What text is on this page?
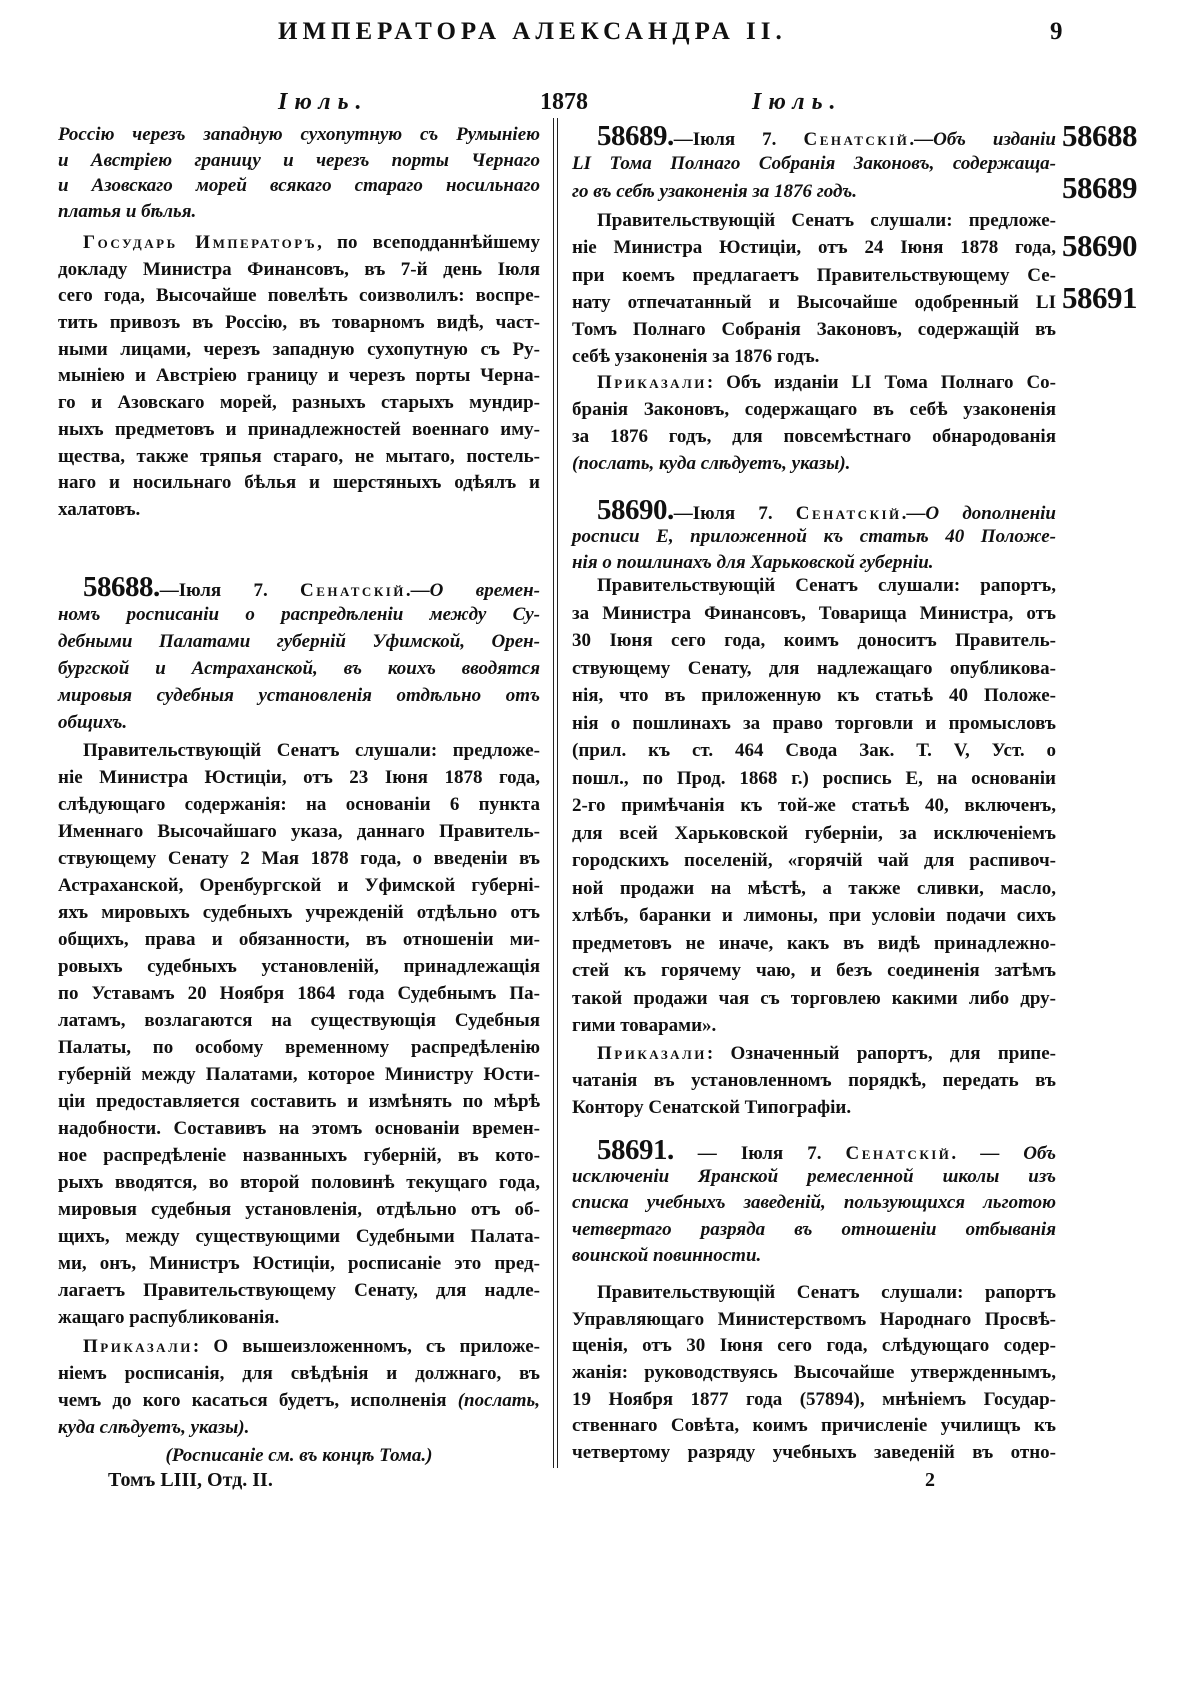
ИМПЕРАТОРА АЛЕКСАНДРА II.	9
Іюль.	1878	Іюль.
Россію черезъ западную сухопутную съ Румыніею
и Австріею границу и черезъ порты Чернаго
и Азовскаго морей всякаго стараго носильнаго
платья и бѣлья.
Государь Императоръ, по всеподданнѣйшему
докладу Министра Финансовъ, въ 7-й день Іюля
сего года, Высочайше повелѣть соизволилъ: воспре-
тить привозъ въ Россію, въ товарномъ видѣ, част-
ными лицами, черезъ западную сухопутную съ Ру-
мыніею и Австріею границу и черезъ порты Черна-
го и Азовскаго морей, разныхъ старыхъ мундир-
ныхъ предметовъ и принадлежностей военнаго иму-
щества, также тряпья стараго, не мытаго, постель-
наго и носильнаго бѣлья и шерстяныхъ одѣялъ и
халатовъ.
58688.—Іюля 7. Сенатскій.—О времен-
номъ росписаніи о распредѣленіи между Су-
дебными Палатами губерній Уфимской, Орен-
бургской и Астраханской, въ коихъ вводятся
мировыя судебныя установленія отдѣльно отъ
общихъ.
Правительствующій Сенатъ слушали: предложе-
ніе Министра Юстиціи, отъ 23 Іюня 1878 года,
слѣдующаго содержанія: на основаніи 6 пункта
Именнаго Высочайшаго указа, даннаго Правитель-
ствующему Сенату 2 Мая 1878 года, о введеніи въ
Астраханской, Оренбургской и Уфимской губерні-
яхъ мировыхъ судебныхъ учрежденій отдѣльно отъ
общихъ, права и обязанности, въ отношеніи ми-
ровыхъ судебныхъ установленій, принадлежащія
по Уставамъ 20 Ноября 1864 года Судебнымъ Па-
латамъ, возлагаются на существующія Судебныя
Палаты, по особому временному распредѣленію
губерній между Палатами, которое Министру Юсти-
ціи предоставляется составить и измѣнять по мѣрѣ
надобности. Составивъ на этомъ основаніи времен-
ное распредѣленіе названныхъ губерній, въ кото-
рыхъ вводятся, во второй половинѣ текущаго года,
мировыя судебныя установленія, отдѣльно отъ об-
щихъ, между существующими Судебными Палата-
ми, онъ, Министръ Юстиціи, росписаніе это пред-
лагаетъ Правительствующему Сенату, для надле-
жащаго распубликованія.
Приказали: О вышеизложенномъ, съ приложе-
ніемъ росписанія, для свѣдѣнія и должнаго, въ
чемъ до кого касаться будетъ, исполненія (послать,
куда слѣдуетъ, указы).
(Росписаніе см. въ концѣ Тома.)
58689.—Іюля 7. Сенатскій.—Объ изданіи
LI Тома Полнаго Собранія Законовъ, содержаща-
го въ себѣ узаконенія за 1876 годъ.
Правительствующій Сенатъ слушали: предложе-
ніе Министра Юстиціи, отъ 24 Іюня 1878 года,
при коемъ предлагаетъ Правительствующему Се-
нату отпечатанный и Высочайше одобренный LI
Томъ Полнаго Собранія Законовъ, содержащій въ
себѣ узаконенія за 1876 годъ.
Приказали: Объ изданіи LI Тома Полнаго Со-
бранія Законовъ, содержащаго въ себѣ узаконенія
за 1876 годъ, для повсемѣстнаго обнародованія
(послать, куда слѣдуетъ, указы).
58690.—Іюля 7. Сенатскій.—О дополненіи
росписи Е, приложенной къ статьѣ 40 Положе-
нія о пошлинахъ для Харьковской губерніи.
Правительствующій Сенатъ слушали: рапортъ,
за Министра Финансовъ, Товарища Министра, отъ
30 Іюня сего года, коимъ доноситъ Правитель-
ствующему Сенату, для надлежащаго опубликова-
нія, что въ приложенную къ статьѣ 40 Положе-
нія о пошлинахъ за право торговли и промысловъ
(прил. къ ст. 464 Свода Зак. Т. V, Уст. о
пошл., по Прод. 1868 г.) роспись Е, на основаніи
2-го примѣчанія къ той-же статьѣ 40, включенъ,
для всей Харьковской губерніи, за исключеніемъ
городскихъ поселеній, «горячій чай для распивоч-
ной продажи на мѣстѣ, а также сливки, масло,
хлѣбъ, баранки и лимоны, при условіи подачи сихъ
предметовъ не иначе, какъ въ видѣ принадлежно-
стей къ горячему чаю, и безъ соединенія затѣмъ
такой продажи чая съ торговлею какими либо дру-
гими товарами».
Приказали: Означенный рапортъ, для припе-
чатанія въ установленномъ порядкѣ, передать въ
Контору Сенатской Типографіи.
58691. — Іюля 7. Сенатскій. — Объ
исключеніи Яранской ремесленной школы изъ
списка учебныхъ заведеній, пользующихся льготою
четвертаго разряда въ отношеніи отбыванія
воинской повинности.
Правительствующій Сенатъ слушали: рапортъ
Управляющаго Министерствомъ Народнаго Просвѣ-
щенія, отъ 30 Іюня сего года, слѣдующаго содер-
жанія: руководствуясь Высочайше утвержденнымъ,
19 Ноября 1877 года (57894), мнѣніемъ Государ-
ственнаго Совѣта, коимъ причисленіе училищъ къ
четвертому разряду учебныхъ заведеній въ отно-
58688
58689
58690
58691
Томъ LIII, Отд. II.	2
